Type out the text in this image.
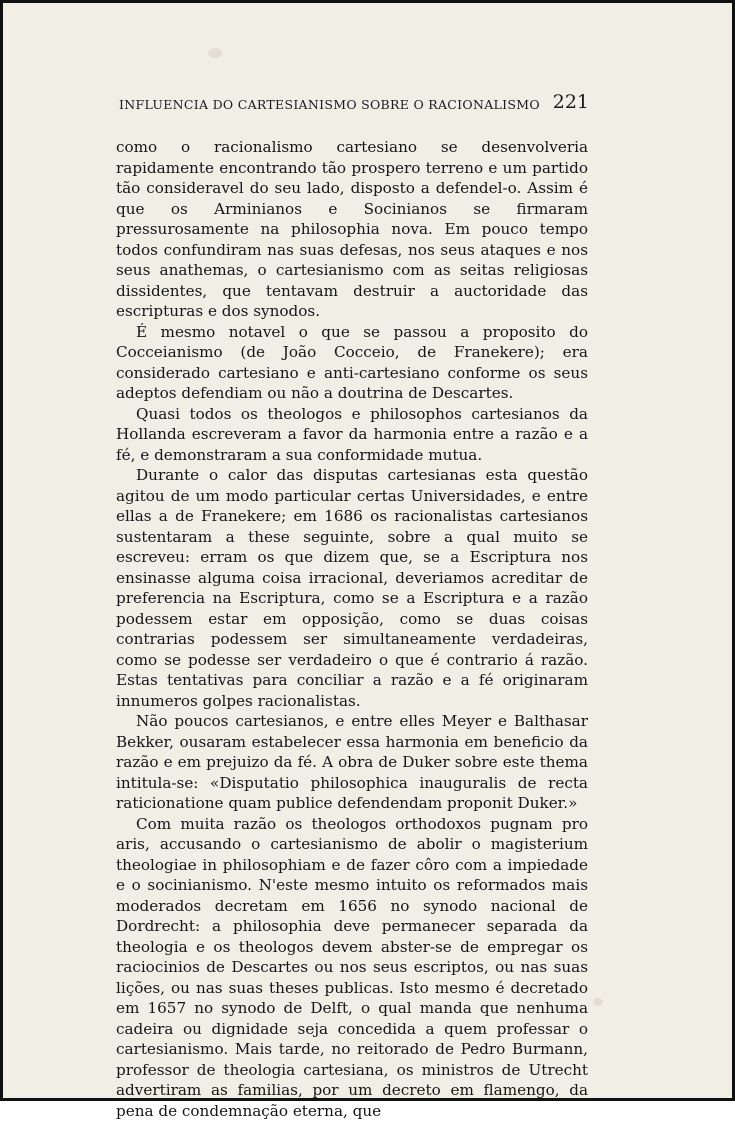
INFLUENCIA DO CARTESIANISMO SOBRE O RACIONALISMO 221

como o racionalismo cartesiano se desenvolveria rapidamente encontrando tão prospero terreno e um partido tão consideravel do seu lado, disposto a defendel-o. Assim é que os Arminianos e Socinianos se firmaram pressurosamente na philosophia nova. Em pouco tempo todos confundiram nas suas defesas, nos seus ataques e nos seus anathemas, o cartesianismo com as seitas religiosas dissidentes, que tentavam destruir a auctoridade das escripturas e dos synodos.

É mesmo notavel o que se passou a proposito do Cocceianismo (de João Cocceio, de Franekere); era considerado cartesiano e anti-cartesiano conforme os seus adeptos defendiam ou não a doutrina de Descartes.

Quasi todos os theologos e philosophos cartesianos da Hollanda escreveram a favor da harmonia entre a razão e a fé, e demonstraram a sua conformidade mutua.

Durante o calor das disputas cartesianas esta questão agitou de um modo particular certas Universidades, e entre ellas a de Franekere; em 1686 os racionalistas cartesianos sustentaram a these seguinte, sobre a qual muito se escreveu: erram os que dizem que, se a Escriptura nos ensinasse alguma coisa irracional, deveriamos acreditar de preferencia na Escriptura, como se a Escriptura e a razão podessem estar em opposição, como se duas coisas contrarias podessem ser simultaneamente verdadeiras, como se podesse ser verdadeiro o que é contrario á razão. Estas tentativas para conciliar a razão e a fé originaram innumeros golpes racionalistas.

Não poucos cartesianos, e entre elles Meyer e Balthasar Bekker, ousaram estabelecer essa harmonia em beneficio da razão e em prejuizo da fé. A obra de Duker sobre este thema intitula-se: «Disputatio philosophica inauguralis de recta raticionatione quam publice defendendam proponit Duker.»

Com muita razão os theologos orthodoxos pugnam pro aris, accusando o cartesianismo de abolir o magisterium theologiae in philosophiam e de fazer côro com a impiedade e o socinianismo. N'este mesmo intuito os reformados mais moderados decretam em 1656 no synodo nacional de Dordrecht: a philosophia deve permanecer separada da theologia e os theologos devem abster-se de empregar os raciocinios de Descartes ou nos seus escriptos, ou nas suas lições, ou nas suas theses publicas. Isto mesmo é decretado em 1657 no synodo de Delft, o qual manda que nenhuma cadeira ou dignidade seja concedida a quem professar o cartesianismo. Mais tarde, no reitorado de Pedro Burmann, professor de theologia cartesiana, os ministros de Utrecht advertiram as familias, por um decreto em flamengo, da pena de condemnação eterna, que
